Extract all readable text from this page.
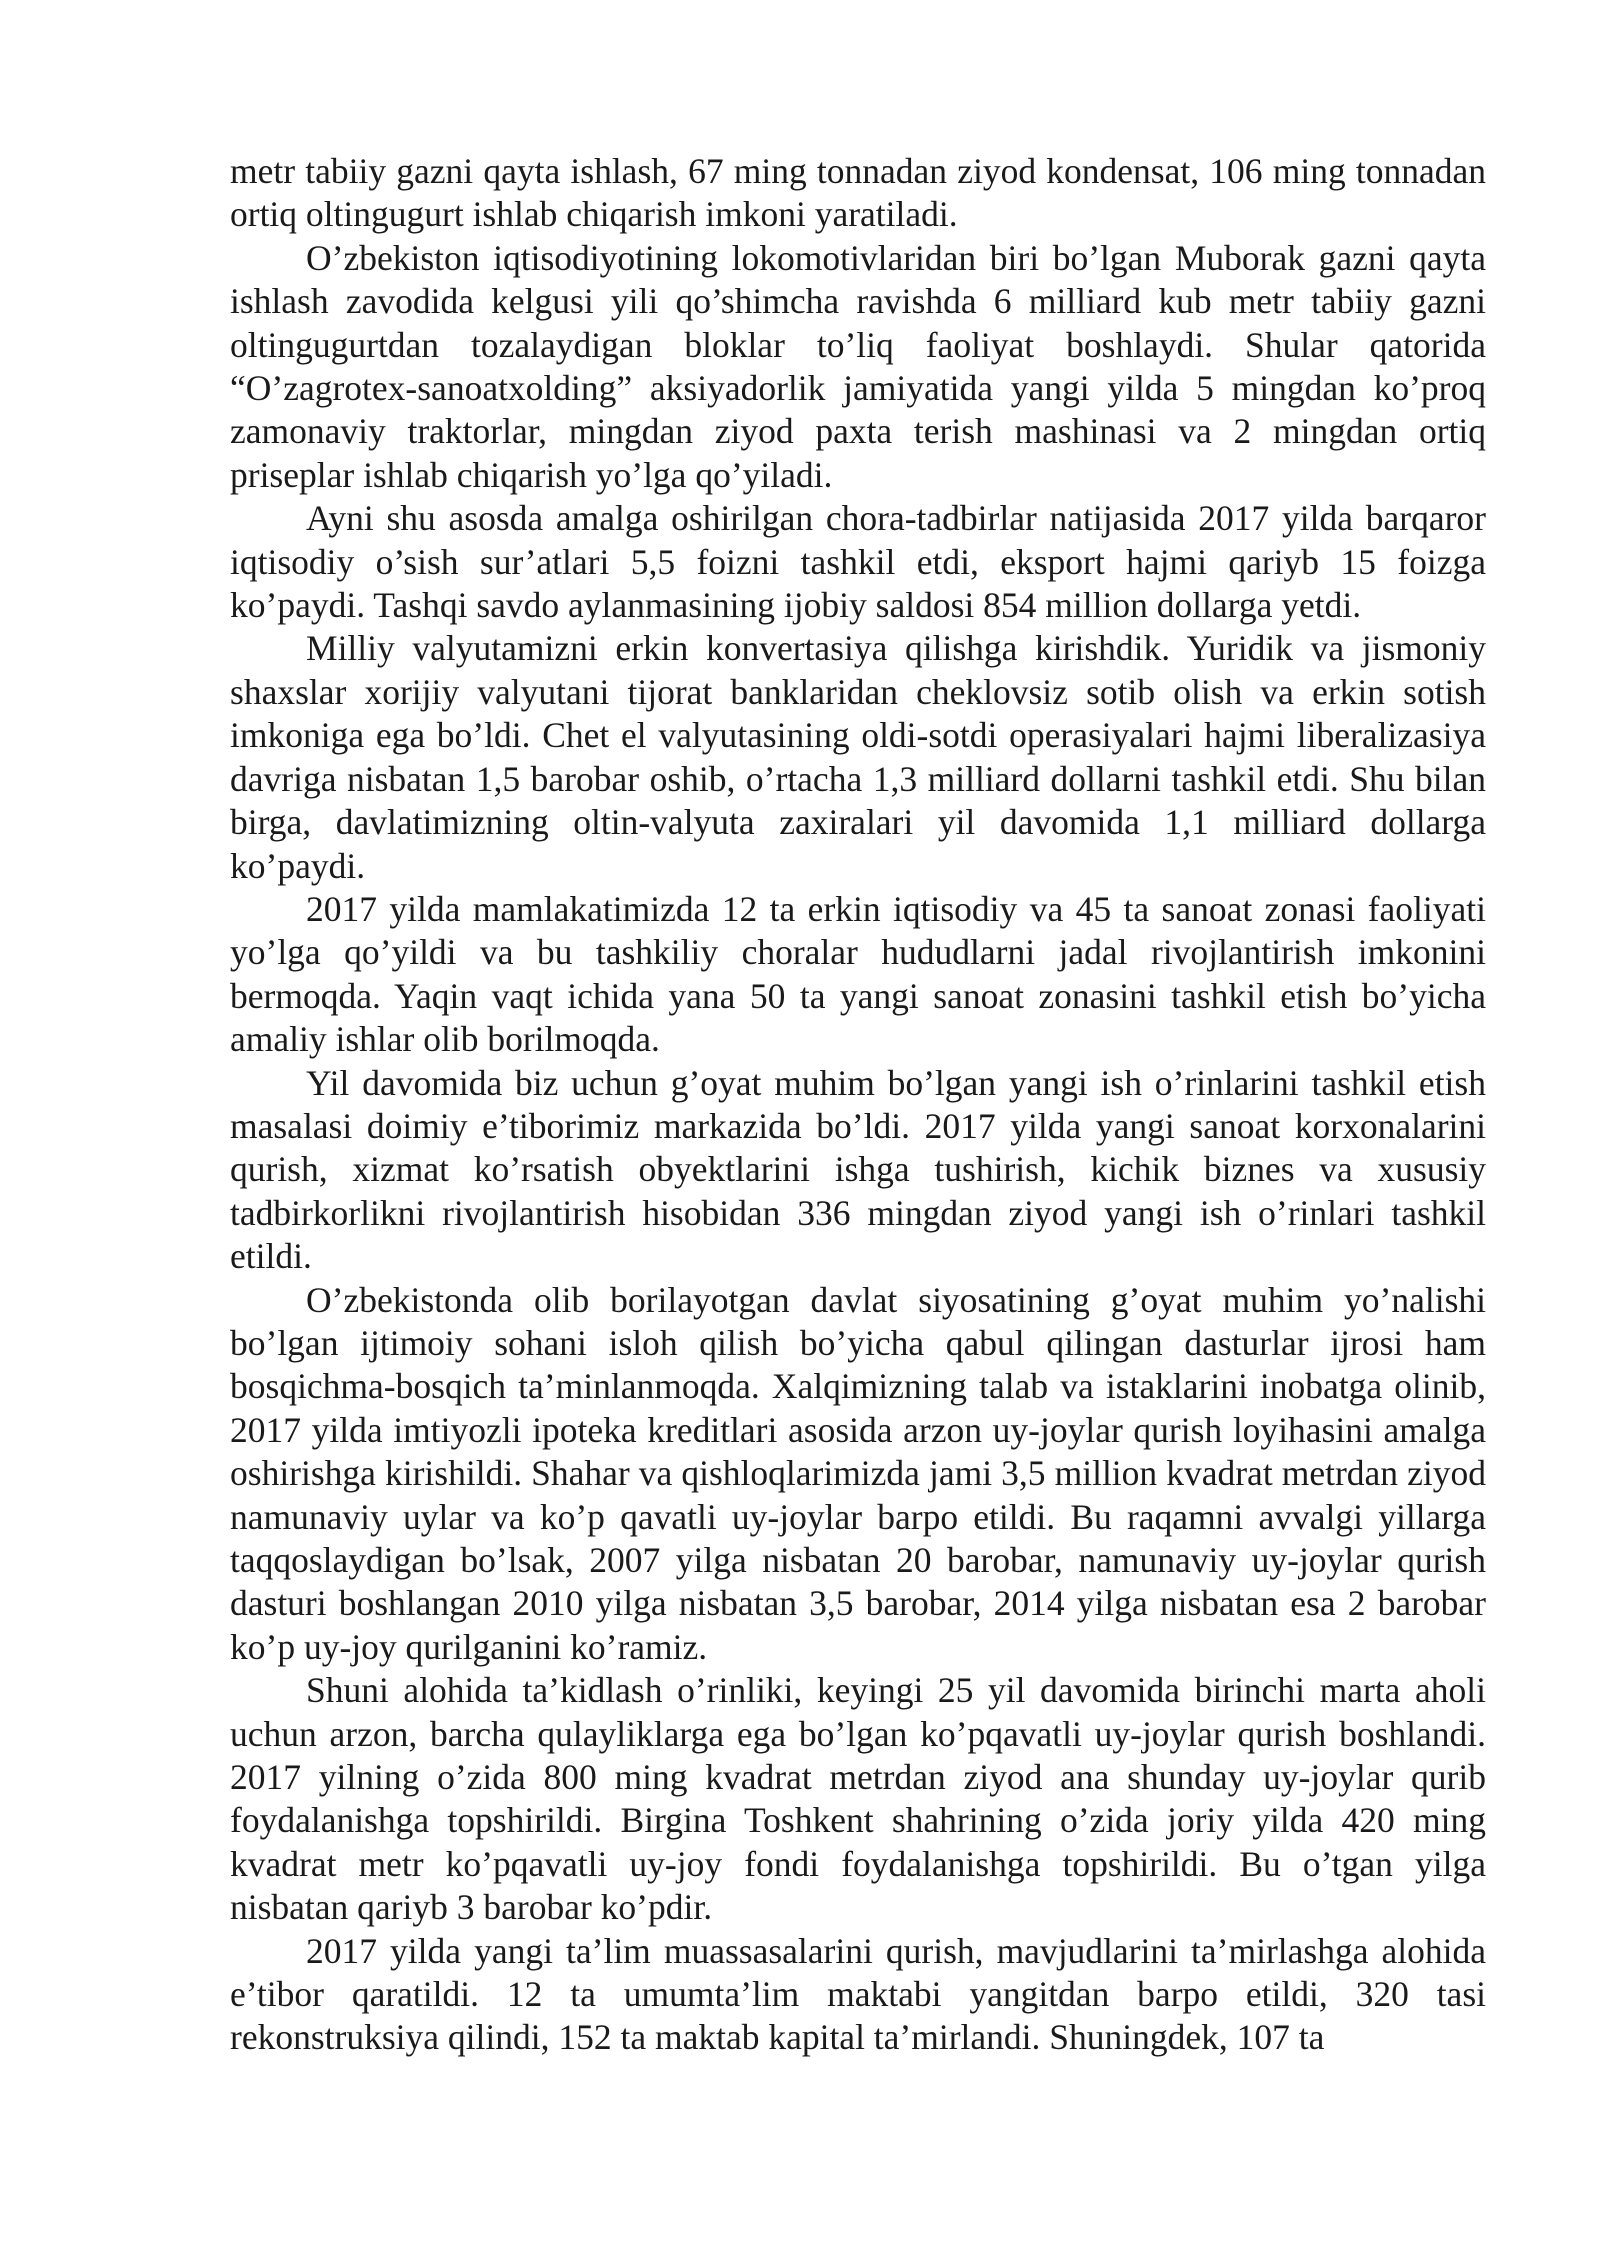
metr tabiiy gazni qayta ishlash, 67 ming tonnadan ziyod kondensat, 106 ming tonnadan ortiq oltingugurt ishlab chiqarish imkoni yaratiladi.

O’zbekiston iqtisodiyotining lokomotivlaridan biri bo’lgan Muborak gazni qayta ishlash zavodida kelgusi yili qo’shimcha ravishda 6 milliard kub metr tabiiy gazni oltingugurtdan tozalaydigan bloklar to’liq faoliyat boshlaydi. Shular qatorida “O’zagrotex-sanoatxolding” aksiyadorlik jamiyatida yangi yilda 5 mingdan ko’proq zamonaviy traktorlar, mingdan ziyod paxta terish mashinasi va 2 mingdan ortiq priseplar ishlab chiqarish yo’lga qo’yiladi.

Ayni shu asosda amalga oshirilgan chora-tadbirlar natijasida 2017 yilda barqaror iqtisodiy o’sish sur’atlari 5,5 foizni tashkil etdi, eksport hajmi qariyb 15 foizga ko’paydi. Tashqi savdo aylanmasining ijobiy saldosi 854 million dollarga yetdi.

Milliy valyutamizni erkin konvertasiya qilishga kirishdik. Yuridik va jismoniy shaxslar xorijiy valyutani tijorat banklaridan cheklovsiz sotib olish va erkin sotish imkoniga ega bo’ldi. Chet el valyutasining oldi-sotdi operasiyalari hajmi liberalizasiya davriga nisbatan 1,5 barobar oshib, o’rtacha 1,3 milliard dollarni tashkil etdi. Shu bilan birga, davlatimizning oltin-valyuta zaxiralari yil davomida 1,1 milliard dollarga ko’paydi.

2017 yilda mamlakatimizda 12 ta erkin iqtisodiy va 45 ta sanoat zonasi faoliyati yo’lga qo’yildi va bu tashkiliy choralar hududlarni jadal rivojlantirish imkonini bermoqda. Yaqin vaqt ichida yana 50 ta yangi sanoat zonasini tashkil etish bo’yicha amaliy ishlar olib borilmoqda.

Yil davomida biz uchun g’oyat muhim bo’lgan yangi ish o’rinlarini tashkil etish masalasi doimiy e’tiborimiz markazida bo’ldi. 2017 yilda yangi sanoat korxonalarini qurish, xizmat ko’rsatish obyektlarini ishga tushirish, kichik biznes va xususiy tadbirkorlikni rivojlantirish hisobidan 336 mingdan ziyod yangi ish o’rinlari tashkil etildi.

O’zbekistonda olib borilayotgan davlat siyosatining g’oyat muhim yo’nalishi bo’lgan ijtimoiy sohani isloh qilish bo’yicha qabul qilingan dasturlar ijrosi ham bosqichma-bosqich ta’minlanmoqda. Xalqimizning talab va istaklarini inobatga olinib, 2017 yilda imtiyozli ipoteka kreditlari asosida arzon uy-joylar qurish loyihasini amalga oshirishga kirishildi. Shahar va qishloqlarimizda jami 3,5 million kvadrat metrdan ziyod namunaviy uylar va ko’p qavatli uy-joylar barpo etildi. Bu raqamni avvalgi yillarga taqqoslaydigan bo’lsak, 2007 yilga nisbatan 20 barobar, namunaviy uy-joylar qurish dasturi boshlangan 2010 yilga nisbatan 3,5 barobar, 2014 yilga nisbatan esa 2 barobar ko’p uy-joy qurilganini ko’ramiz.

Shuni alohida ta’kidlash o’rinliki, keyingi 25 yil davomida birinchi marta aholi uchun arzon, barcha qulayliklarga ega bo’lgan ko’pqavatli uy-joylar qurish boshlandi. 2017 yilning o’zida 800 ming kvadrat metrdan ziyod ana shunday uy-joylar qurib foydalanishga topshirildi. Birgina Toshkent shahrining o’zida joriy yilda 420 ming kvadrat metr ko’pqavatli uy-joy fondi foydalanishga topshirildi. Bu o’tgan yilga nisbatan qariyb 3 barobar ko’pdir.

2017 yilda yangi ta’lim muassasalarini qurish, mavjudlarini ta’mirlashga alohida e’tibor qaratildi. 12 ta umumta’lim maktabi yangitdan barpo etildi, 320 tasi rekonstruksiya qilindi, 152 ta maktab kapital ta’mirlandi. Shuningdek, 107 ta
